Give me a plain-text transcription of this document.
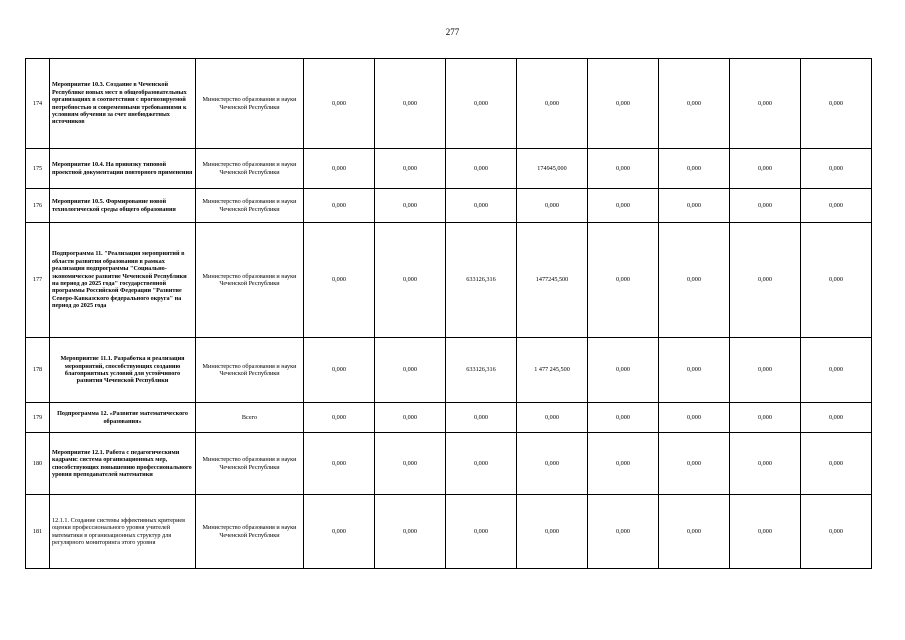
277
174	Мероприятие 10.3. Создание в Чеченской Республике новых мест в общеобразовательных организациях в соответствии с прогнозируемой потребностью и современными требованиями к условиям обучения за счет внебюджетных источников	Министерство образования и науки Чеченской Республики	0,000	0,000	0,000	0,000	0,000	0,000	0,000	0,000
175	Мероприятие 10.4. На привязку типовой проектной документации повторного применения	Министерство образования и науки Чеченской Республики	0,000	0,000	0,000	174945,000	0,000	0,000	0,000	0,000
176	Мероприятие 10.5. Формирование новой технологической среды общего образования	Министерство образования и науки Чеченской Республики	0,000	0,000	0,000	0,000	0,000	0,000	0,000	0,000
177	Подпрограмма 11. "Реализация мероприятий в области развития образования в рамках реализации подпрограммы "Социально-экономическое развитие Чеченской Республики на период до 2025 года" государственной программы Российской Федерации "Развитие Северо-Кавказского федерального округа" на период до 2025 года	Министерство образования и науки Чеченской Республики	0,000	0,000	633126,316	1477245,500	0,000	0,000	0,000	0,000
178	Мероприятие 11.1. Разработка и реализация мероприятий, способствующих созданию благоприятных условий для устойчивого развития Чеченской Республики	Министерство образования и науки Чеченской Республики	0,000	0,000	633126,316	1 477 245,500	0,000	0,000	0,000	0,000
179	Подпрограмма 12. «Развитие математического образования»	Всего	0,000	0,000	0,000	0,000	0,000	0,000	0,000	0,000
180	Мероприятие 12.1. Работа с педагогическими кадрами: система организационных мер, способствующих повышению профессионального уровня преподавателей математики	Министерство образования и науки Чеченской Республики	0,000	0,000	0,000	0,000	0,000	0,000	0,000	0,000
181	12.1.1. Создание системы эффективных критериев оценки профессионального уровня учителей математики в организационных структур для регулярного мониторинга этого уровня	Министерство образования и науки Чеченской Республики	0,000	0,000	0,000	0,000	0,000	0,000	0,000	0,000
